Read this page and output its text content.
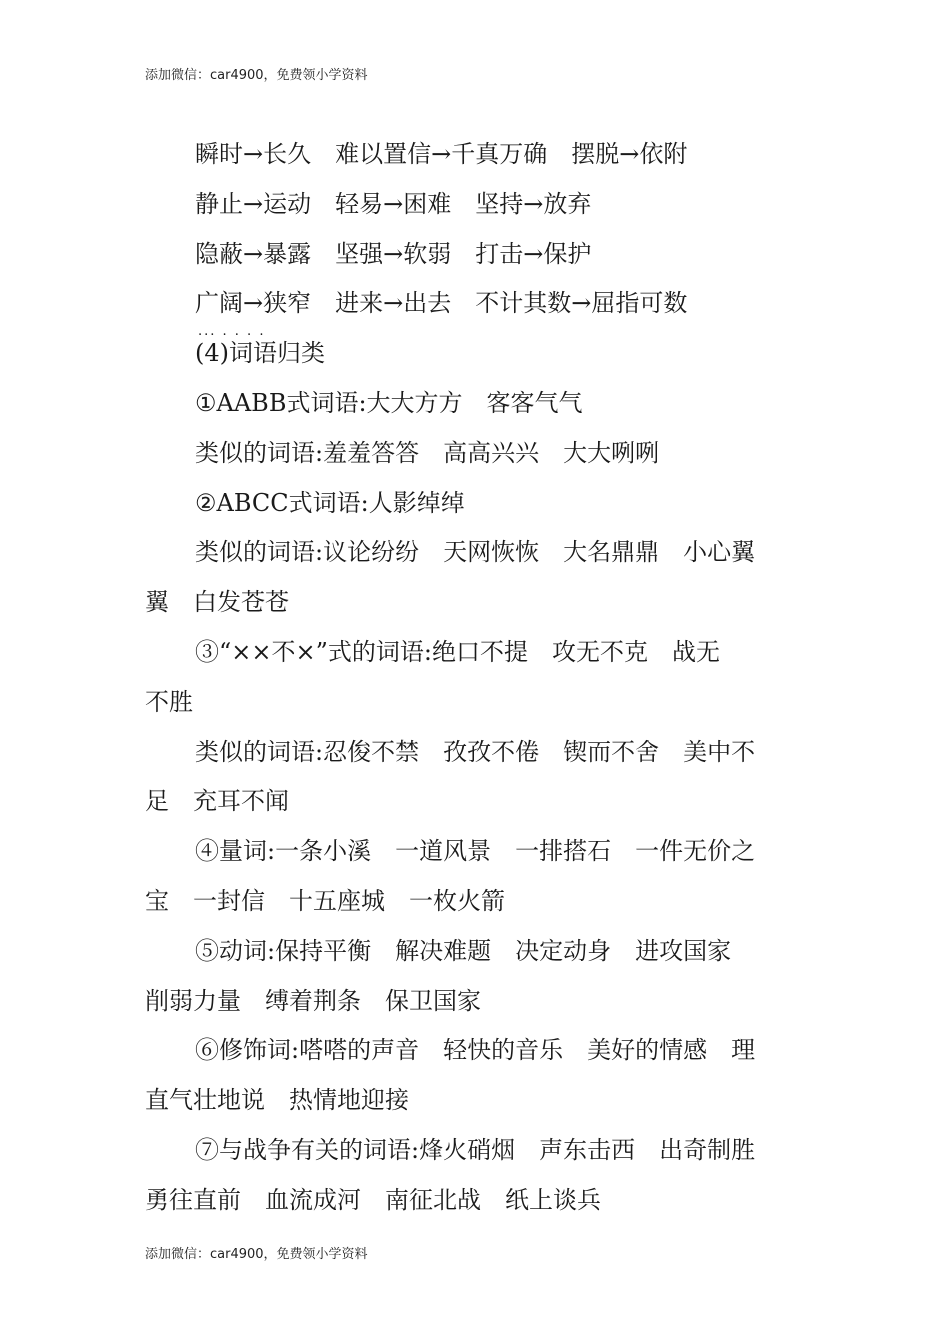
添加微信：car4900，免费领小学资料
... . . . .
瞬时→长久　难以置信→千真万确　摆脱→依附
静止→运动　轻易→困难　坚持→放弃
隐蔽→暴露　坚强→软弱　打击→保护
广阔→狭窄　进来→出去　不计其数→屈指可数
(4)词语归类
①AABB式词语:大大方方　客客气气
类似的词语:羞羞答答　高高兴兴　大大咧咧
②ABCC式词语:人影绰绰
类似的词语:议论纷纷　天网恢恢　大名鼎鼎　小心翼
翼　白发苍苍
③“××不×”式的词语:绝口不提　攻无不克　战无
不胜
类似的词语:忍俊不禁　孜孜不倦　锲而不舍　美中不
足　充耳不闻
④量词:一条小溪　一道风景　一排搭石　一件无价之
宝　一封信　十五座城　一枚火箭
⑤动词:保持平衡　解决难题　决定动身　进攻国家
削弱力量　缚着荆条　保卫国家
⑥修饰词:嗒嗒的声音　轻快的音乐　美好的情感　理
直气壮地说　热情地迎接
⑦与战争有关的词语:烽火硝烟　声东击西　出奇制胜
勇往直前　血流成河　南征北战　纸上谈兵
添加微信：car4900，免费领小学资料
